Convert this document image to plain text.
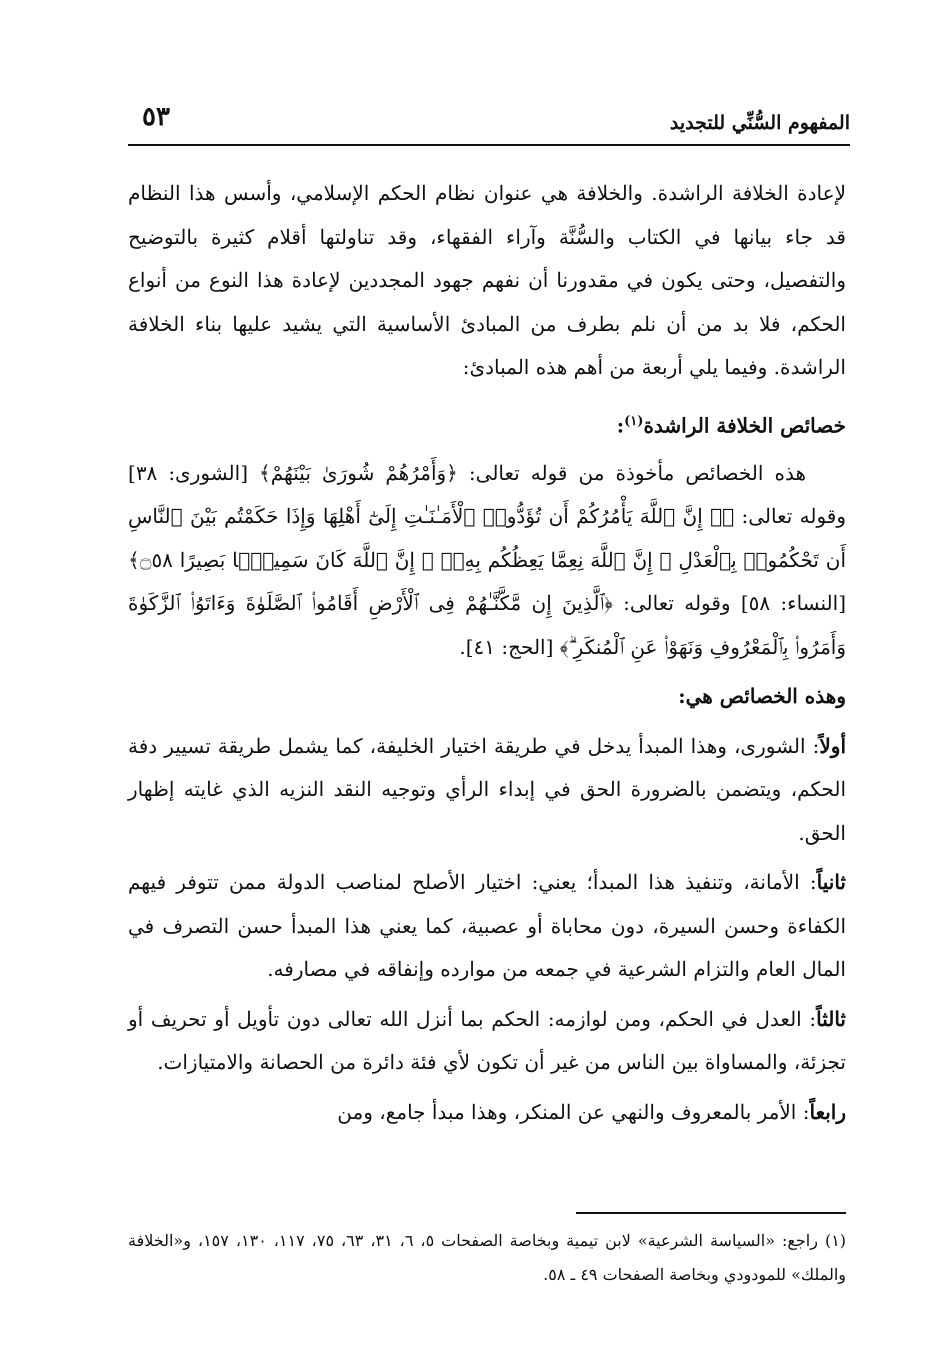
المفهوم السُّنِّي للتجديد
٥٣

لإعادة الخلافة الراشدة. والخلافة هي عنوان نظام الحكم الإسلامي، وأسس هذا النظام قد جاء بيانها في الكتاب والسُّنَّة وآراء الفقهاء، وقد تناولتها أقلام كثيرة بالتوضيح والتفصيل، وحتى يكون في مقدورنا أن نفهم جهود المجددين لإعادة هذا النوع من أنواع الحكم، فلا بد من أن نلم بطرف من المبادئ الأساسية التي يشيد عليها بناء الخلافة الراشدة. وفيما يلي أربعة من أهم هذه المبادئ:

خصائص الخلافة الراشدة$^{(١)}$:

هذه الخصائص مأخوذة من قوله تعالى: ﴿وَأَمْرُهُمْ شُورَىٰ بَيْنَهُمْ﴾ [الشورى: ٣٨] وقوله تعالى: ﴿۞ إِنَّ ٱللَّهَ يَأْمُرُكُمْ أَن تُؤَدُّوا۟ ٱلْأَمَـٰنَـٰتِ إِلَىٰٓ أَهْلِهَا وَإِذَا حَكَمْتُم بَيْنَ ٱلنَّاسِ أَن تَحْكُمُوا۟ بِٱلْعَدْلِ ۚ إِنَّ ٱللَّهَ نِعِمَّا يَعِظُكُم بِهِۦٓ ۗ إِنَّ ٱللَّهَ كَانَ سَمِيعًۢا بَصِيرًا ۝٥٨﴾ [النساء: ٥٨] وقوله تعالى: ﴿ٱلَّذِينَ إِن مَّكَّنَّـٰهُمْ فِى ٱلْأَرْضِ أَقَامُوا۟ ٱلصَّلَوٰةَ وَءَاتَوُا۟ ٱلزَّكَوٰةَ وَأَمَرُوا۟ بِٱلْمَعْرُوفِ وَنَهَوْا۟ عَنِ ٱلْمُنكَرِ ۗ﴾ [الحج: ٤١].

وهذه الخصائص هي:

أولاً: الشورى، وهذا المبدأ يدخل في طريقة اختيار الخليفة، كما يشمل طريقة تسيير دفة الحكم، ويتضمن بالضرورة الحق في إبداء الرأي وتوجيه النقد النزيه الذي غايته إظهار الحق.

ثانياً: الأمانة، وتنفيذ هذا المبدأ؛ يعني: اختيار الأصلح لمناصب الدولة ممن تتوفر فيهم الكفاءة وحسن السيرة، دون محاباة أو عصبية، كما يعني هذا المبدأ حسن التصرف في المال العام والتزام الشرعية في جمعه من موارده وإنفاقه في مصارفه.

ثالثاً: العدل في الحكم، ومن لوازمه: الحكم بما أنزل الله تعالى دون تأويل أو تحريف أو تجزئة، والمساواة بين الناس من غير أن تكون لأي فئة دائرة من الحصانة والامتيازات.

رابعاً: الأمر بالمعروف والنهي عن المنكر، وهذا مبدأ جامع، ومن

(١) راجع: «السياسة الشرعية» لابن تيمية وبخاصة الصفحات ٥، ٦، ٣١، ٦٣، ٧٥، ١١٧، ١٣٠، ١٥٧، و«الخلافة والملك» للمودودي وبخاصة الصفحات ٤٩ ـ ٥٨.
